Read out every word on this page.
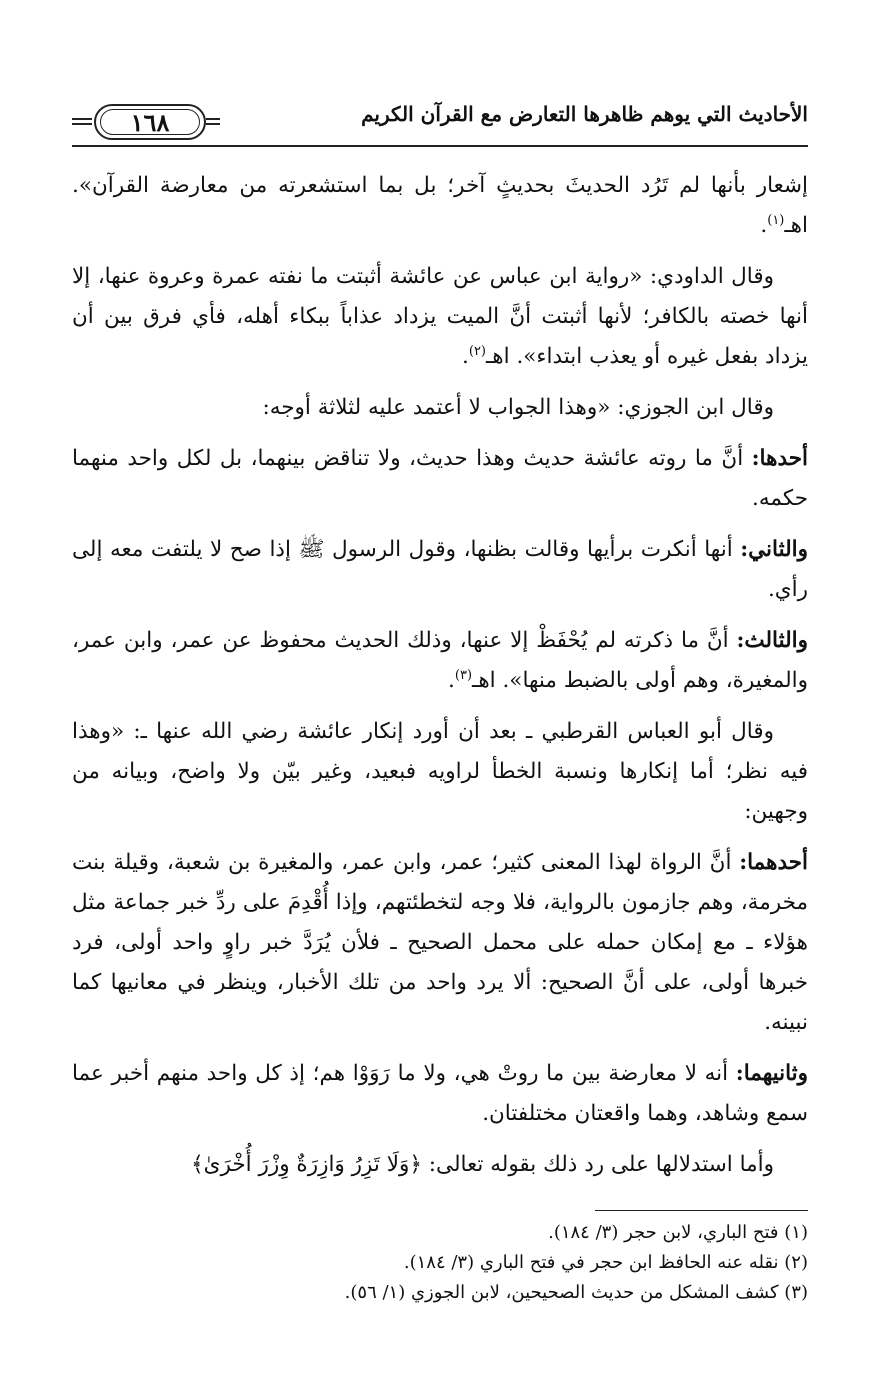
١٦٨	الأحاديث التي يوهم ظاهرها التعارض مع القرآن الكريم

إشعار بأنها لم تَرُد الحديثَ بحديثٍ آخر؛ بل بما استشعرته من معارضة القرآن». اهـ$^{(١)}$.

وقال الداودي: «رواية ابن عباس عن عائشة أثبتت ما نفته عمرة وعروة عنها، إلا أنها خصته بالكافر؛ لأنها أثبتت أنَّ الميت يزداد عذاباً ببكاء أهله، فأي فرق بين أن يزداد بفعل غيره أو يعذب ابتداء». اهـ$^{(٢)}$.

وقال ابن الجوزي: «وهذا الجواب لا أعتمد عليه لثلاثة أوجه:

أحدها: أنَّ ما روته عائشة حديث وهذا حديث، ولا تناقض بينهما، بل لكل واحد منهما حكمه.

والثاني: أنها أنكرت برأيها وقالت بظنها، وقول الرسول ﷺ إذا صح لا يلتفت معه إلى رأي.

والثالث: أنَّ ما ذكرته لم يُحْفَظْ إلا عنها، وذلك الحديث محفوظ عن عمر، وابن عمر، والمغيرة، وهم أولى بالضبط منها». اهـ$^{(٣)}$.

وقال أبو العباس القرطبي ـ بعد أن أورد إنكار عائشة رضي الله عنها ـ: «وهذا فيه نظر؛ أما إنكارها ونسبة الخطأ لراويه فبعيد، وغير بيّن ولا واضح، وبيانه من وجهين:

أحدهما: أنَّ الرواة لهذا المعنى كثير؛ عمر، وابن عمر، والمغيرة بن شعبة، وقيلة بنت مخرمة، وهم جازمون بالرواية، فلا وجه لتخطئتهم، وإذا أُقْدِمَ على ردِّ خبر جماعة مثل هؤلاء ـ مع إمكان حمله على محمل الصحيح ـ فلأن يُرَدَّ خبر راوٍ واحد أولى، فرد خبرها أولى، على أنَّ الصحيح: ألا يرد واحد من تلك الأخبار، وينظر في معانيها كما نبينه.

وثانيهما: أنه لا معارضة بين ما روتْ هي، ولا ما رَوَوْا هم؛ إذ كل واحد منهم أخبر عما سمع وشاهد، وهما واقعتان مختلفتان.

وأما استدلالها على رد ذلك بقوله تعالى: ﴿وَلَا تَزِرُ وَازِرَةٌ وِزْرَ أُخْرَىٰ﴾

(١) فتح الباري، لابن حجر (٣/ ١٨٤).
(٢) نقله عنه الحافظ ابن حجر في فتح الباري (٣/ ١٨٤).
(٣) كشف المشكل من حديث الصحيحين، لابن الجوزي (١/ ٥٦).
